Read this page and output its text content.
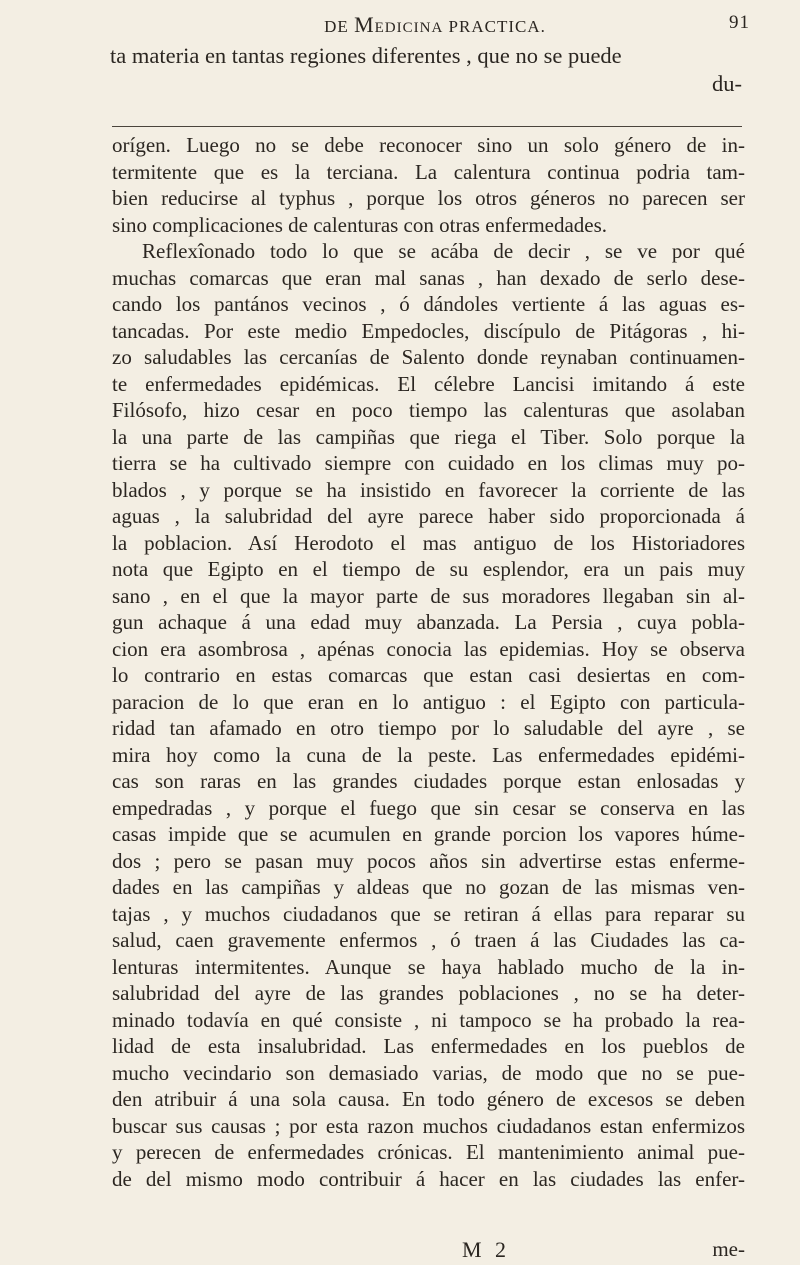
DE Medicina PRACTICA.	91
ta materia en tantas regiones diferentes , que no se puede
du-
orígen. Luego no se debe reconocer sino un solo género de in-
termitente que es la terciana. La calentura continua podria tam-
bien reducirse al typhus , porque los otros géneros no parecen ser
sino complicaciones de calenturas con otras enfermedades.
Reflexîonado todo lo que se acába de decir , se ve por qué
muchas comarcas que eran mal sanas , han dexado de serlo dese-
cando los pantános vecinos , ó dándoles vertiente á las aguas es-
tancadas. Por este medio Empedocles, discípulo de Pitágoras , hi-
zo saludables las cercanías de Salento donde reynaban continuamen-
te enfermedades epidémicas. El célebre Lancisi imitando á este
Filósofo, hizo cesar en poco tiempo las calenturas que asolaban
la una parte de las campiñas que riega el Tiber. Solo porque la
tierra se ha cultivado siempre con cuidado en los climas muy po-
blados , y porque se ha insistido en favorecer la corriente de las
aguas , la salubridad del ayre parece haber sido proporcionada á
la poblacion. Así Herodoto el mas antiguo de los Historiadores
nota que Egipto en el tiempo de su esplendor, era un pais muy
sano , en el que la mayor parte de sus moradores llegaban sin al-
gun achaque á una edad muy abanzada. La Persia , cuya pobla-
cion era asombrosa , apénas conocia las epidemias. Hoy se observa
lo contrario en estas comarcas que estan casi desiertas en com-
paracion de lo que eran en lo antiguo : el Egipto con particula-
ridad tan afamado en otro tiempo por lo saludable del ayre , se
mira hoy como la cuna de la peste. Las enfermedades epidémi-
cas son raras en las grandes ciudades porque estan enlosadas y
empedradas , y porque el fuego que sin cesar se conserva en las
casas impide que se acumulen en grande porcion los vapores húme-
dos ; pero se pasan muy pocos años sin advertirse estas enferme-
dades en las campiñas y aldeas que no gozan de las mismas ven-
tajas , y muchos ciudadanos que se retiran á ellas para reparar su
salud, caen gravemente enfermos , ó traen á las Ciudades las ca-
lenturas intermitentes. Aunque se haya hablado mucho de la in-
salubridad del ayre de las grandes poblaciones , no se ha deter-
minado todavía en qué consiste , ni tampoco se ha probado la rea-
lidad de esta insalubridad. Las enfermedades en los pueblos de
mucho vecindario son demasiado varias, de modo que no se pue-
den atribuir á una sola causa. En todo género de excesos se deben
buscar sus causas ; por esta razon muchos ciudadanos estan enfermizos
y perecen de enfermedades crónicas. El mantenimiento animal pue-
de del mismo modo contribuir á hacer en las ciudades las enfer-
M 2	me-
